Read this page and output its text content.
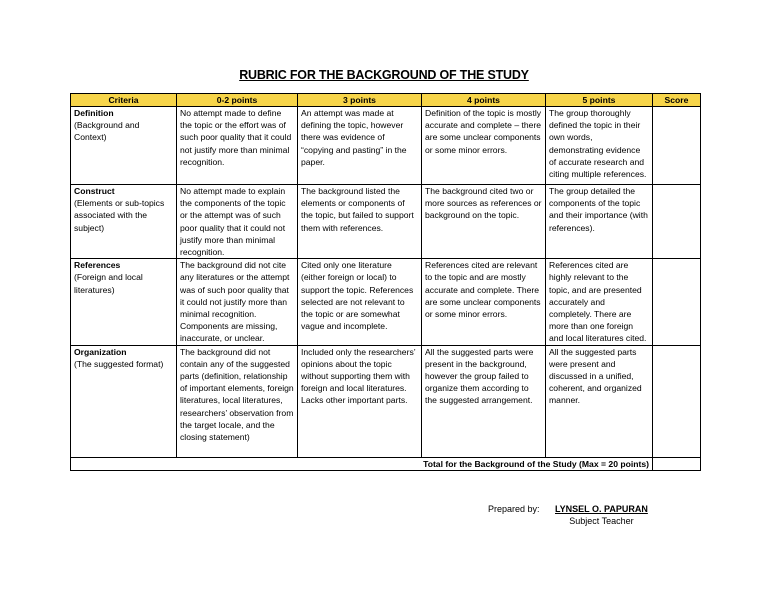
RUBRIC FOR THE BACKGROUND OF THE STUDY
Criteria	0-2 points	3 points	4 points	5 points	Score

Definition
(Background and Context)	No attempt made to define the topic or the effort was of such poor quality that it could not justify more than minimal recognition.	An attempt was made at defining the topic, however there was evidence of “copying and pasting” in the paper.	Definition of the topic is mostly accurate and complete – there are some unclear components or some minor errors.	The group thoroughly defined the topic in their own words, demonstrating evidence of accurate research and citing multiple references.	

Construct
(Elements or sub-topics associated with the subject)	No attempt made to explain the components of the topic or the attempt was of such poor quality that it could not justify more than minimal recognition.	The background listed the elements or components of the topic, but failed to support them with references.	The background cited two or more sources as references or background on the topic.	The group detailed the components of the topic and their importance (with references).	

References
(Foreign and local literatures)	The background did not cite any literatures or the attempt was of such poor quality that it could not justify more than minimal recognition. Components are missing, inaccurate, or unclear.	Cited only one literature (either foreign or local) to support the topic. References selected are not relevant to the topic or are somewhat vague and incomplete.	References cited are relevant to the topic and are mostly accurate and complete. There are some unclear components or some minor errors.	References cited are highly relevant to the topic, and are presented accurately and completely. There are more than one foreign and local literatures cited.	

Organization
(The suggested format)	The background did not contain any of the suggested parts (definition, relationship of important elements, foreign literatures, local literatures, researchers’ observation from the target locale, and the closing statement)	Included only the researchers’ opinions about the topic without supporting them with foreign and local literatures. Lacks other important parts.	All the suggested parts were present in the background, however the group failed to organize them according to the suggested arrangement.	All the suggested parts were present and discussed in a unified, coherent, and organized manner.	
Total for the Background of the Study (Max = 20 points)					
Prepared by: LYNSEL O. PAPURAN
Subject Teacher
